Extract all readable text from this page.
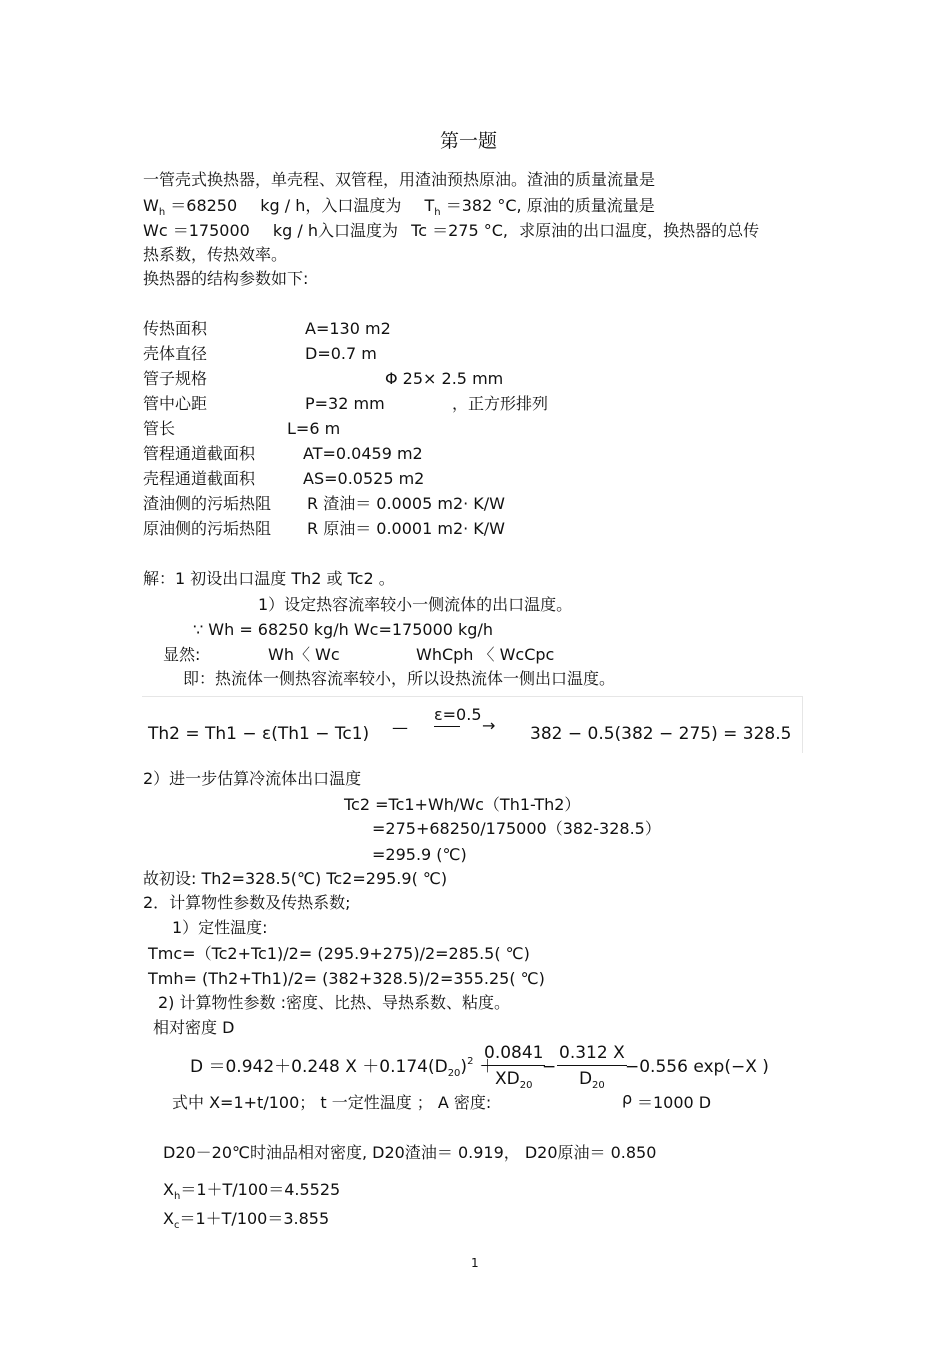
第一题
一管壳式换热器，单壳程、双管程，用渣油预热原油。渣油的质量流量是
$W_h =68250$ kg / h，入口温度为 $T_h =382$ °C, 原油的质量流量是
Wc ＝175000 kg / h入口温度为 Tc ＝275 °C, 求原油的出口温度，换热器的总传
热系数，传热效率。
换热器的结构参数如下:
传热面积	A=130 m2
壳体直径	D=0.7 m
管子规格	Φ 25× 2.5 mm
管中心距	P=32 mm	，正方形排列
管长	L=6 m
管程通道截面积	AT=0.0459 m2
壳程通道截面积	AS=0.0525 m2
渣油侧的污垢热阻 R 渣油＝ 0.0005 m2· K/W
原油侧的污垢热阻 R 原油＝ 0.0001 m2· K/W
解：1 初设出口温度 Th2 或 Tc2 。
1）设定热容流率较小一侧流体的出口温度。
∵ Wh = 68250 kg/h Wc=175000 kg/h
显然:	Wh〈 Wc	WhCph 〈 WcCpc
即：热流体一侧热容流率较小，所以设热流体一侧出口温度。
Th2 = Th1 − ε(Th1 − Tc1) —
ε=0.5
→ 382 − 0.5(382 − 275) = 328.5
2）进一步估算冷流体出口温度
Tc2 =Tc1+Wh/Wc（Th1-Th2）
=275+68250/175000（382-328.5）
=295.9 (℃)
故初设: Th2=328.5(℃) Tc2=295.9( ℃)
2．计算物性参数及传热系数;
1）定性温度:
Tmc=（Tc2+Tc1)/2= (295.9+275)/2=285.5( ℃)
Tmh= (Th2+Th1)/2= (382+328.5)/2=355.25( ℃)
2) 计算物性参数 :密度、比热、导热系数、粘度。
相对密度 D
D ＝0.942＋0.248 $X +0.174(D_{20})^2$ ＋
$\frac{0.0841}{XD_{20}}$
− $\frac{0.312 X}{D_{20}}$
−0.556 exp(−X )
式中 X=1+t/100； t 一定性温度 ； A 密度:	ρ ＝1000 D
D20－20℃时油品相对密度, D20渣油＝ 0.919， D20原油＝ 0.850
$X_h=1+T/100=4.5525$
$X_c=1+T/100=3.855$
1
